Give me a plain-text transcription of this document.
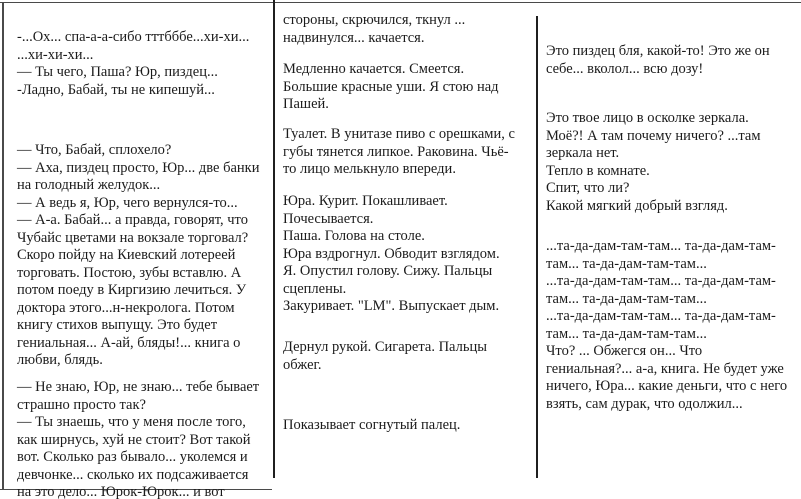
-...Ох... спа-а-а-сибо тттбббе...хи-хи...
...хи-хи-хи...
— Ты чего, Паша? Юр, пиздец...
-Ладно, Бабай, ты не кипешуй...
— Что, Бабай, сплохело?
— Аха, пиздец просто, Юр... две банки
на голодный желудок...
— А ведь я, Юр, чего вернулся-то...
— А-а. Бабай... а правда, говорят, что
Чубайс цветами на вокзале торговал?
Скоро пойду на Киевский лотереей
торговать. Постою, зубы вставлю. А
потом поеду в Киргизию лечиться. У
доктора этого...н-некролога. Потом
книгу стихов выпущу. Это будет
гениальная... А-ай, бляды!... книга о
любви, блядь.
— Не знаю, Юр, не знаю... тебе бывает
страшно просто так?
— Ты знаешь, что у меня после того,
как ширнусь, хуй не стоит? Вот такой
вот. Сколько раз бывало... уколемся и
девчонке... сколько их подсаживается
на это дело... Юрок-Юрок... и вот
стороны, скрючился, ткнул ...
надвинулся... качается.
Медленно качается. Смеется.
Большие красные уши. Я стою над
Пашей.
Туалет. В унитазе пиво с орешками, с
губы тянется липкое. Раковина. Чьё-
то лицо мелькнуло впереди.
Юра. Курит. Покашливает.
Почесывается.
Паша. Голова на столе.
Юра вздрогнул. Обводит взглядом.
Я. Опустил голову. Сижу. Пальцы
сцеплены.
Закуривает. "LM". Выпускает дым.
Дернул рукой. Сигарета. Пальцы
обжег.
Показывает согнутый палец.
Это пиздец бля, какой-то! Это же он
себе... вколол... всю дозу!
Это твое лицо в осколке зеркала.
Моё?! А там почему ничего? ...там
зеркала нет.
Тепло в комнате.
Спит, что ли?
Какой мягкий добрый взгляд.
...та-да-дам-там-там... та-да-дам-там-
там... та-да-дам-там-там...
...та-да-дам-там-там... та-да-дам-там-
там... та-да-дам-там-там...
...та-да-дам-там-там... та-да-дам-там-
там... та-да-дам-там-там...
Что? ... Обжегся он... Что
гениальная?... а-а, книга. Не будет уже
ничего, Юра... какие деньги, что с него
взять, сам дурак, что одолжил...
